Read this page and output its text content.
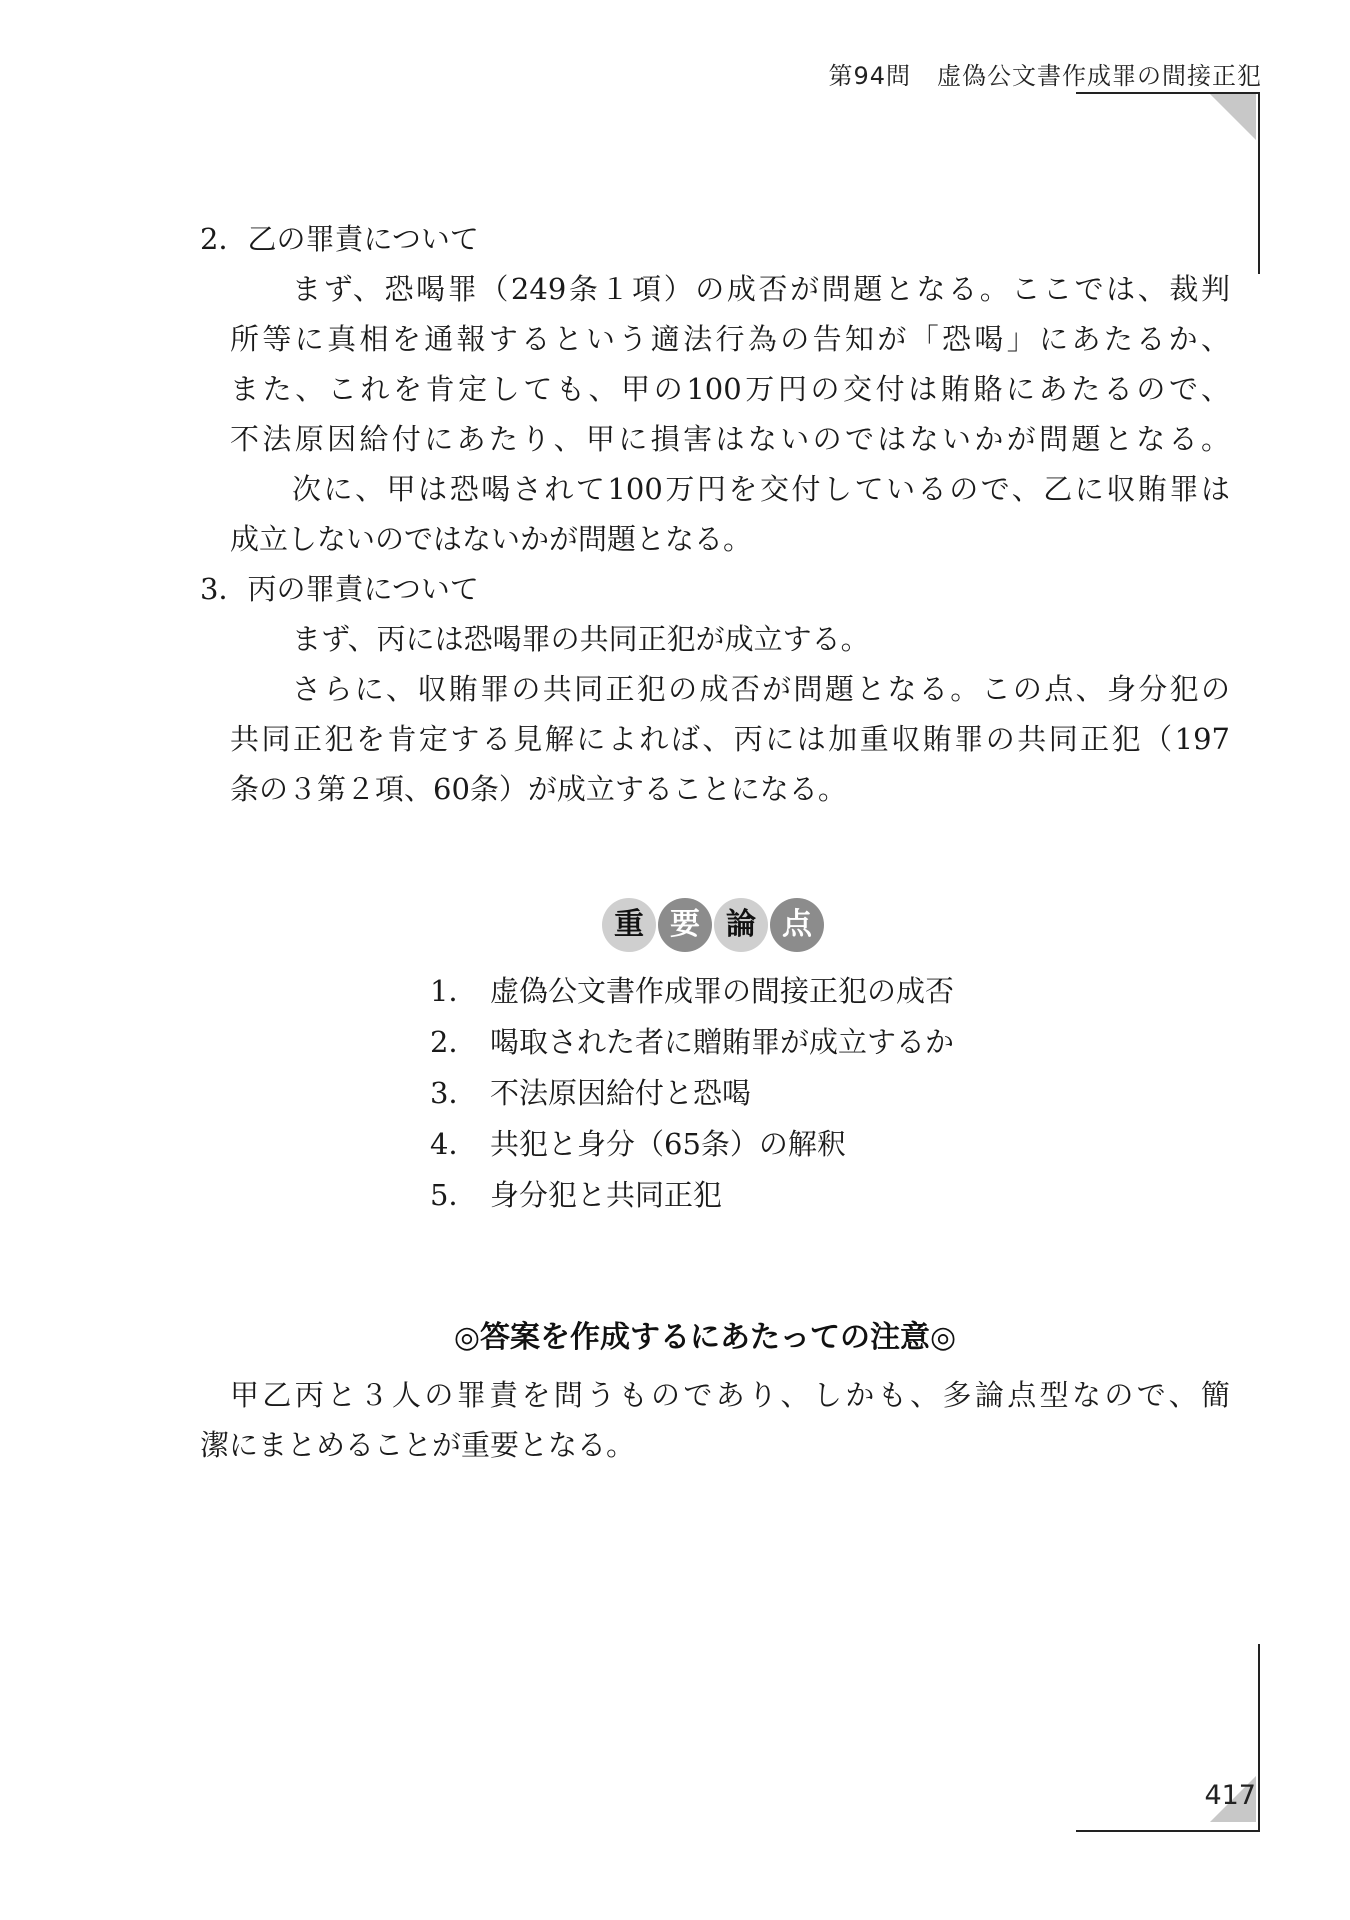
第94問 虚偽公文書作成罪の間接正犯
2．乙の罪責について
まず、恐喝罪（249条１項）の成否が問題となる。ここでは、裁判
所等に真相を通報するという適法行為の告知が「恐喝」にあたるか、
また、これを肯定しても、甲の100万円の交付は賄賂にあたるので、
不法原因給付にあたり、甲に損害はないのではないかが問題となる。
次に、甲は恐喝されて100万円を交付しているので、乙に収賄罪は
成立しないのではないかが問題となる。
3．丙の罪責について
まず、丙には恐喝罪の共同正犯が成立する。
さらに、収賄罪の共同正犯の成否が問題となる。この点、身分犯の
共同正犯を肯定する見解によれば、丙には加重収賄罪の共同正犯（197
条の３第２項、60条）が成立することになる。
重 要 論 点
1． 虚偽公文書作成罪の間接正犯の成否
2． 喝取された者に贈賄罪が成立するか
3． 不法原因給付と恐喝
4． 共犯と身分（65条）の解釈
5． 身分犯と共同正犯
◎答案を作成するにあたっての注意◎
甲乙丙と３人の罪責を問うものであり、しかも、多論点型なので、簡
潔にまとめることが重要となる。
417
